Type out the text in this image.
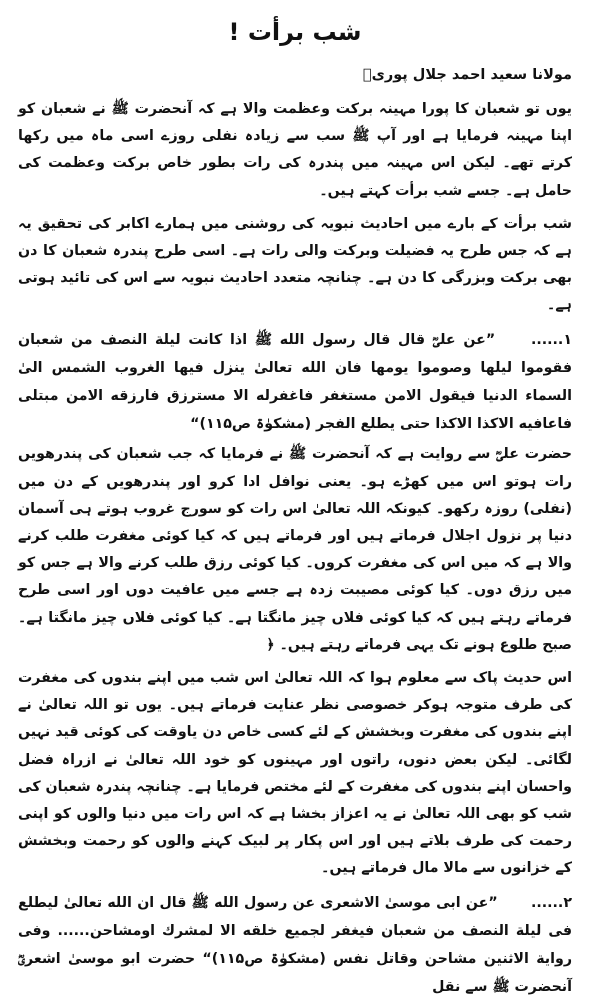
شب برأت !
مولانا سعید احمد جلال پوریؒ

یوں تو شعبان کا پورا مہینہ برکت وعظمت والا ہے کہ آنحضرت ﷺ نے شعبان کو اپنا مہینہ فرمایا ہے اور آپ ﷺ سب سے زیادہ نفلی روزے اسی ماہ میں رکھا کرتے تھے۔ لیکن اس مہینہ میں پندرہ کی رات بطور خاص برکت وعظمت کی حامل ہے۔ جسے شب برأت کہتے ہیں۔

شب برأت کے بارے میں احادیث نبویہ کی روشنی میں ہمارے اکابر کی تحقیق یہ ہے کہ جس طرح یہ فضیلت وبرکت والی رات ہے۔ اسی طرح پندرہ شعبان کا دن بھی برکت وبزرگی کا دن ہے۔ چنانچہ متعدد احادیث نبویہ سے اس کی تائید ہوتی ہے۔

۱...... ”عن علیؓ قال قال رسول الله ﷺ اذا کانت لیلة النصف من شعبان فقوموا لیلها وصوموا یومها فان الله تعالیٰ ینزل فیها الغروب الشمس الیٰ السماء الدنیا فیقول الامن مستغفر فاغفرله الا مسترزق فارزقه الامن مبتلی فاعافیه الاکذا الاکذا حتی یطلع الفجر (مشکوٰۃ ص۱۱۵)“

حضرت علیؓ سے روایت ہے کہ آنحضرت ﷺ نے فرمایا کہ جب شعبان کی پندرھویں رات ہوتو اس میں کھڑے ہو۔ یعنی نوافل ادا کرو اور پندرھویں کے دن میں (نفلی) روزہ رکھو۔ کیونکہ اللہ تعالیٰ اس رات کو سورج غروب ہوتے ہی آسمان دنیا پر نزول اجلال فرماتے ہیں اور فرماتے ہیں کہ کیا کوئی مغفرت طلب کرنے والا ہے کہ میں اس کی مغفرت کروں۔ کیا کوئی رزق طلب کرنے والا ہے جس کو میں رزق دوں۔ کیا کوئی مصیبت زدہ ہے جسے میں عافیت دوں اور اسی طرح فرماتے رہتے ہیں کہ کیا کوئی فلاں چیز مانگتا ہے۔ کیا کوئی فلاں چیز مانگتا ہے۔ صبح طلوع ہونے تک یہی فرماتے رہتے ہیں۔ ﴿

اس حدیث پاک سے معلوم ہوا کہ اللہ تعالیٰ اس شب میں اپنے بندوں کی مغفرت کی طرف متوجہ ہوکر خصوصی نظر عنایت فرماتے ہیں۔ یوں تو اللہ تعالیٰ نے اپنے بندوں کی مغفرت وبخشش کے لئے کسی خاص دن یاوقت کی کوئی قید نہیں لگائی۔ لیکن بعض دنوں، راتوں اور مہینوں کو خود اللہ تعالیٰ نے ازراہ فضل واحسان اپنے بندوں کی مغفرت کے لئے مختص فرمایا ہے۔ چنانچہ پندرہ شعبان کی شب کو بھی اللہ تعالیٰ نے یہ اعزاز بخشا ہے کہ اس رات میں دنیا والوں کو اپنی رحمت کی طرف بلاتے ہیں اور اس پکار پر لبیک کہنے والوں کو رحمت وبخشش کے خزانوں سے مالا مال فرماتے ہیں۔

۲...... ”عن ابی موسیٰ الاشعری عن رسول الله ﷺ قال ان الله تعالیٰ لیطلع فی لیلة النصف من شعبان فیغفر لجمیع خلقه الا لمشرك اومشاحن...... وفی روایة الاثنین مشاحن وقاتل نفس (مشکوٰۃ ص۱۱۵)“ حضرت ابو موسیٰ اشعریؓ آنحضرت ﷺ سے نقل
